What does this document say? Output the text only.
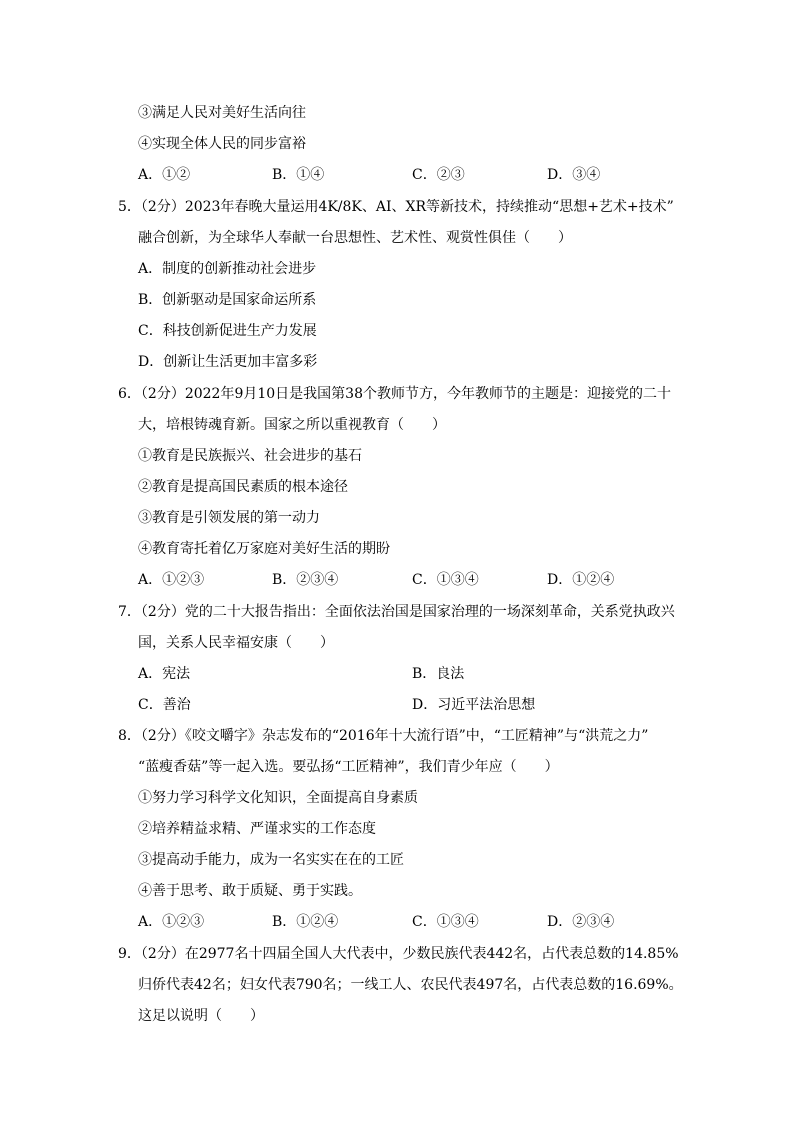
③满足人民对美好生活向往
④实现全体人民的同步富裕
A．①②	B．①④	C．②③	D．③④
5．（2分）2023年春晚大量运用4K/8K、AI、XR等新技术，持续推动“思想+艺术+技术”
融合创新，为全球华人奉献一台思想性、艺术性、观赏性俱佳（　　）
A．制度的创新推动社会进步
B．创新驱动是国家命运所系
C．科技创新促进生产力发展
D．创新让生活更加丰富多彩
6．（2分）2022年9月10日是我国第38个教师节方，今年教师节的主题是：迎接党的二十
大，培根铸魂育新。国家之所以重视教育（　　）
①教育是民族振兴、社会进步的基石
②教育是提高国民素质的根本途径
③教育是引领发展的第一动力
④教育寄托着亿万家庭对美好生活的期盼
A．①②③	B．②③④	C．①③④	D．①②④
7．（2分）党的二十大报告指出：全面依法治国是国家治理的一场深刻革命，关系党执政兴
国，关系人民幸福安康（　　）
A．宪法	B．良法
C．善治	D．习近平法治思想
8．（2分）《咬文嚼字》杂志发布的“2016年十大流行语”中，“工匠精神”与“洪荒之力”
“蓝瘦香菇”等一起入选。要弘扬“工匠精神”，我们青少年应（　　）
①努力学习科学文化知识，全面提高自身素质
②培养精益求精、严谨求实的工作态度
③提高动手能力，成为一名实实在在的工匠
④善于思考、敢于质疑、勇于实践。
A．①②③	B．①②④	C．①③④	D．②③④
9．（2分）在2977名十四届全国人大代表中，少数民族代表442名，占代表总数的14.85%
归侨代表42名；妇女代表790名；一线工人、农民代表497名，占代表总数的16.69%。
这足以说明（　　）
